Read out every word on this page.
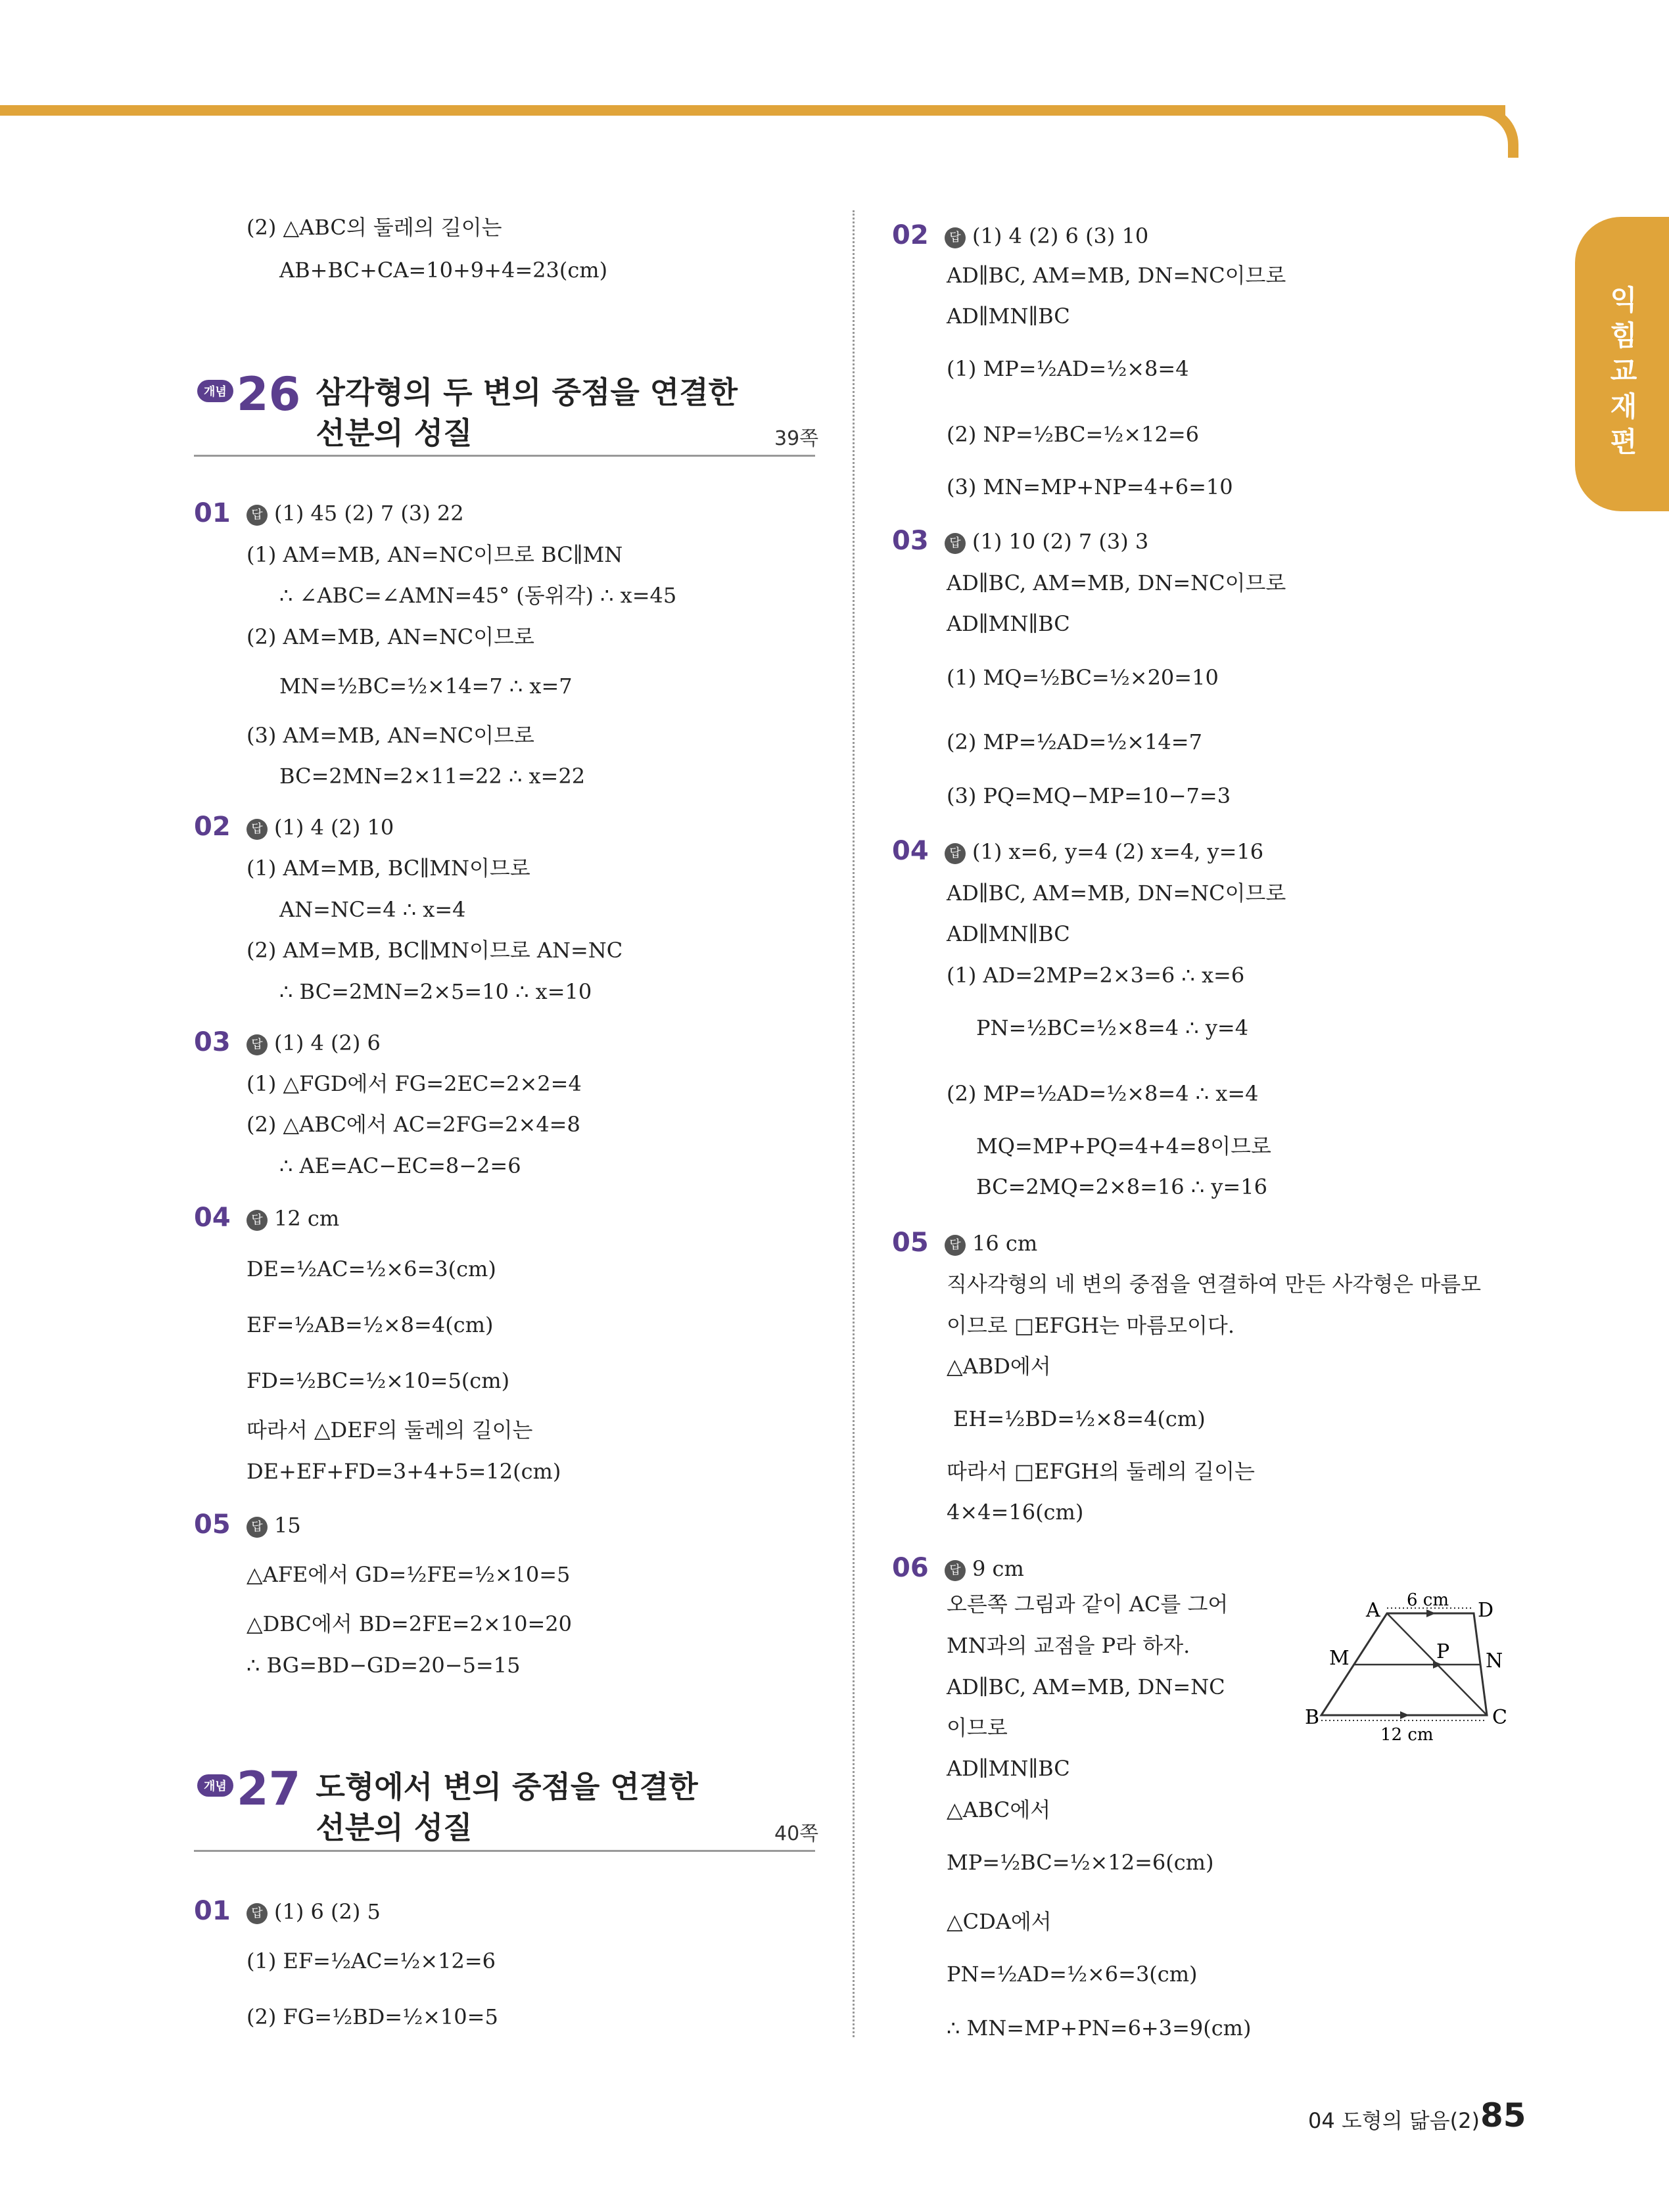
익힘교재편
(2) △ABC의 둘레의 길이는
AB+BC+CA=10+9+4=23(cm)
개념 26 삼각형의 두 변의 중점을 연결한
선분의 성질	39쪽
01	답 (1) 45 (2) 7 (3) 22
(1) AM=MB, AN=NC이므로 BC∥MN
∴ ∠ABC=∠AMN=45° (동위각) ∴ x=45
(2) AM=MB, AN=NC이므로
MN=½BC=½×14=7 ∴ x=7
(3) AM=MB, AN=NC이므로
BC=2MN=2×11=22 ∴ x=22
02	답 (1) 4 (2) 10
(1) AM=MB, BC∥MN이므로
AN=NC=4 ∴ x=4
(2) AM=MB, BC∥MN이므로 AN=NC
∴ BC=2MN=2×5=10 ∴ x=10
03	답 (1) 4 (2) 6
(1) △FGD에서 FG=2EC=2×2=4
(2) △ABC에서 AC=2FG=2×4=8
∴ AE=AC−EC=8−2=6
04	답 12 cm
DE=½AC=½×6=3(cm)
EF=½AB=½×8=4(cm)
FD=½BC=½×10=5(cm)
따라서 △DEF의 둘레의 길이는
DE+EF+FD=3+4+5=12(cm)
05	답 15
△AFE에서 GD=½FE=½×10=5
△DBC에서 BD=2FE=2×10=20
∴ BG=BD−GD=20−5=15
개념 27 도형에서 변의 중점을 연결한
선분의 성질	40쪽
01	답 (1) 6 (2) 5
(1) EF=½AC=½×12=6
(2) FG=½BD=½×10=5
02	답 (1) 4 (2) 6 (3) 10
AD∥BC, AM=MB, DN=NC이므로
AD∥MN∥BC
(1) MP=½AD=½×8=4
(2) NP=½BC=½×12=6
(3) MN=MP+NP=4+6=10
03	답 (1) 10 (2) 7 (3) 3
AD∥BC, AM=MB, DN=NC이므로
AD∥MN∥BC
(1) MQ=½BC=½×20=10
(2) MP=½AD=½×14=7
(3) PQ=MQ−MP=10−7=3
04	답 (1) x=6, y=4 (2) x=4, y=16
AD∥BC, AM=MB, DN=NC이므로
AD∥MN∥BC
(1) AD=2MP=2×3=6 ∴ x=6
PN=½BC=½×8=4 ∴ y=4
(2) MP=½AD=½×8=4 ∴ x=4
MQ=MP+PQ=4+4=8이므로
BC=2MQ=2×8=16 ∴ y=16
05	답 16 cm
직사각형의 네 변의 중점을 연결하여 만든 사각형은 마름모
이므로 □EFGH는 마름모이다.
△ABD에서
EH=½BD=½×8=4(cm)
따라서 □EFGH의 둘레의 길이는
4×4=16(cm)
06	답 9 cm
오른쪽 그림과 같이 AC를 그어
MN과의 교점을 P라 하자.
AD∥BC, AM=MB, DN=NC
이므로
AD∥MN∥BC
△ABC에서
MP=½BC=½×12=6(cm)
△CDA에서
PN=½AD=½×6=3(cm)
∴ MN=MP+PN=6+3=9(cm)
A	D
B	C
M	N
P
6 cm
12 cm
04 도형의 닮음(2) 85
